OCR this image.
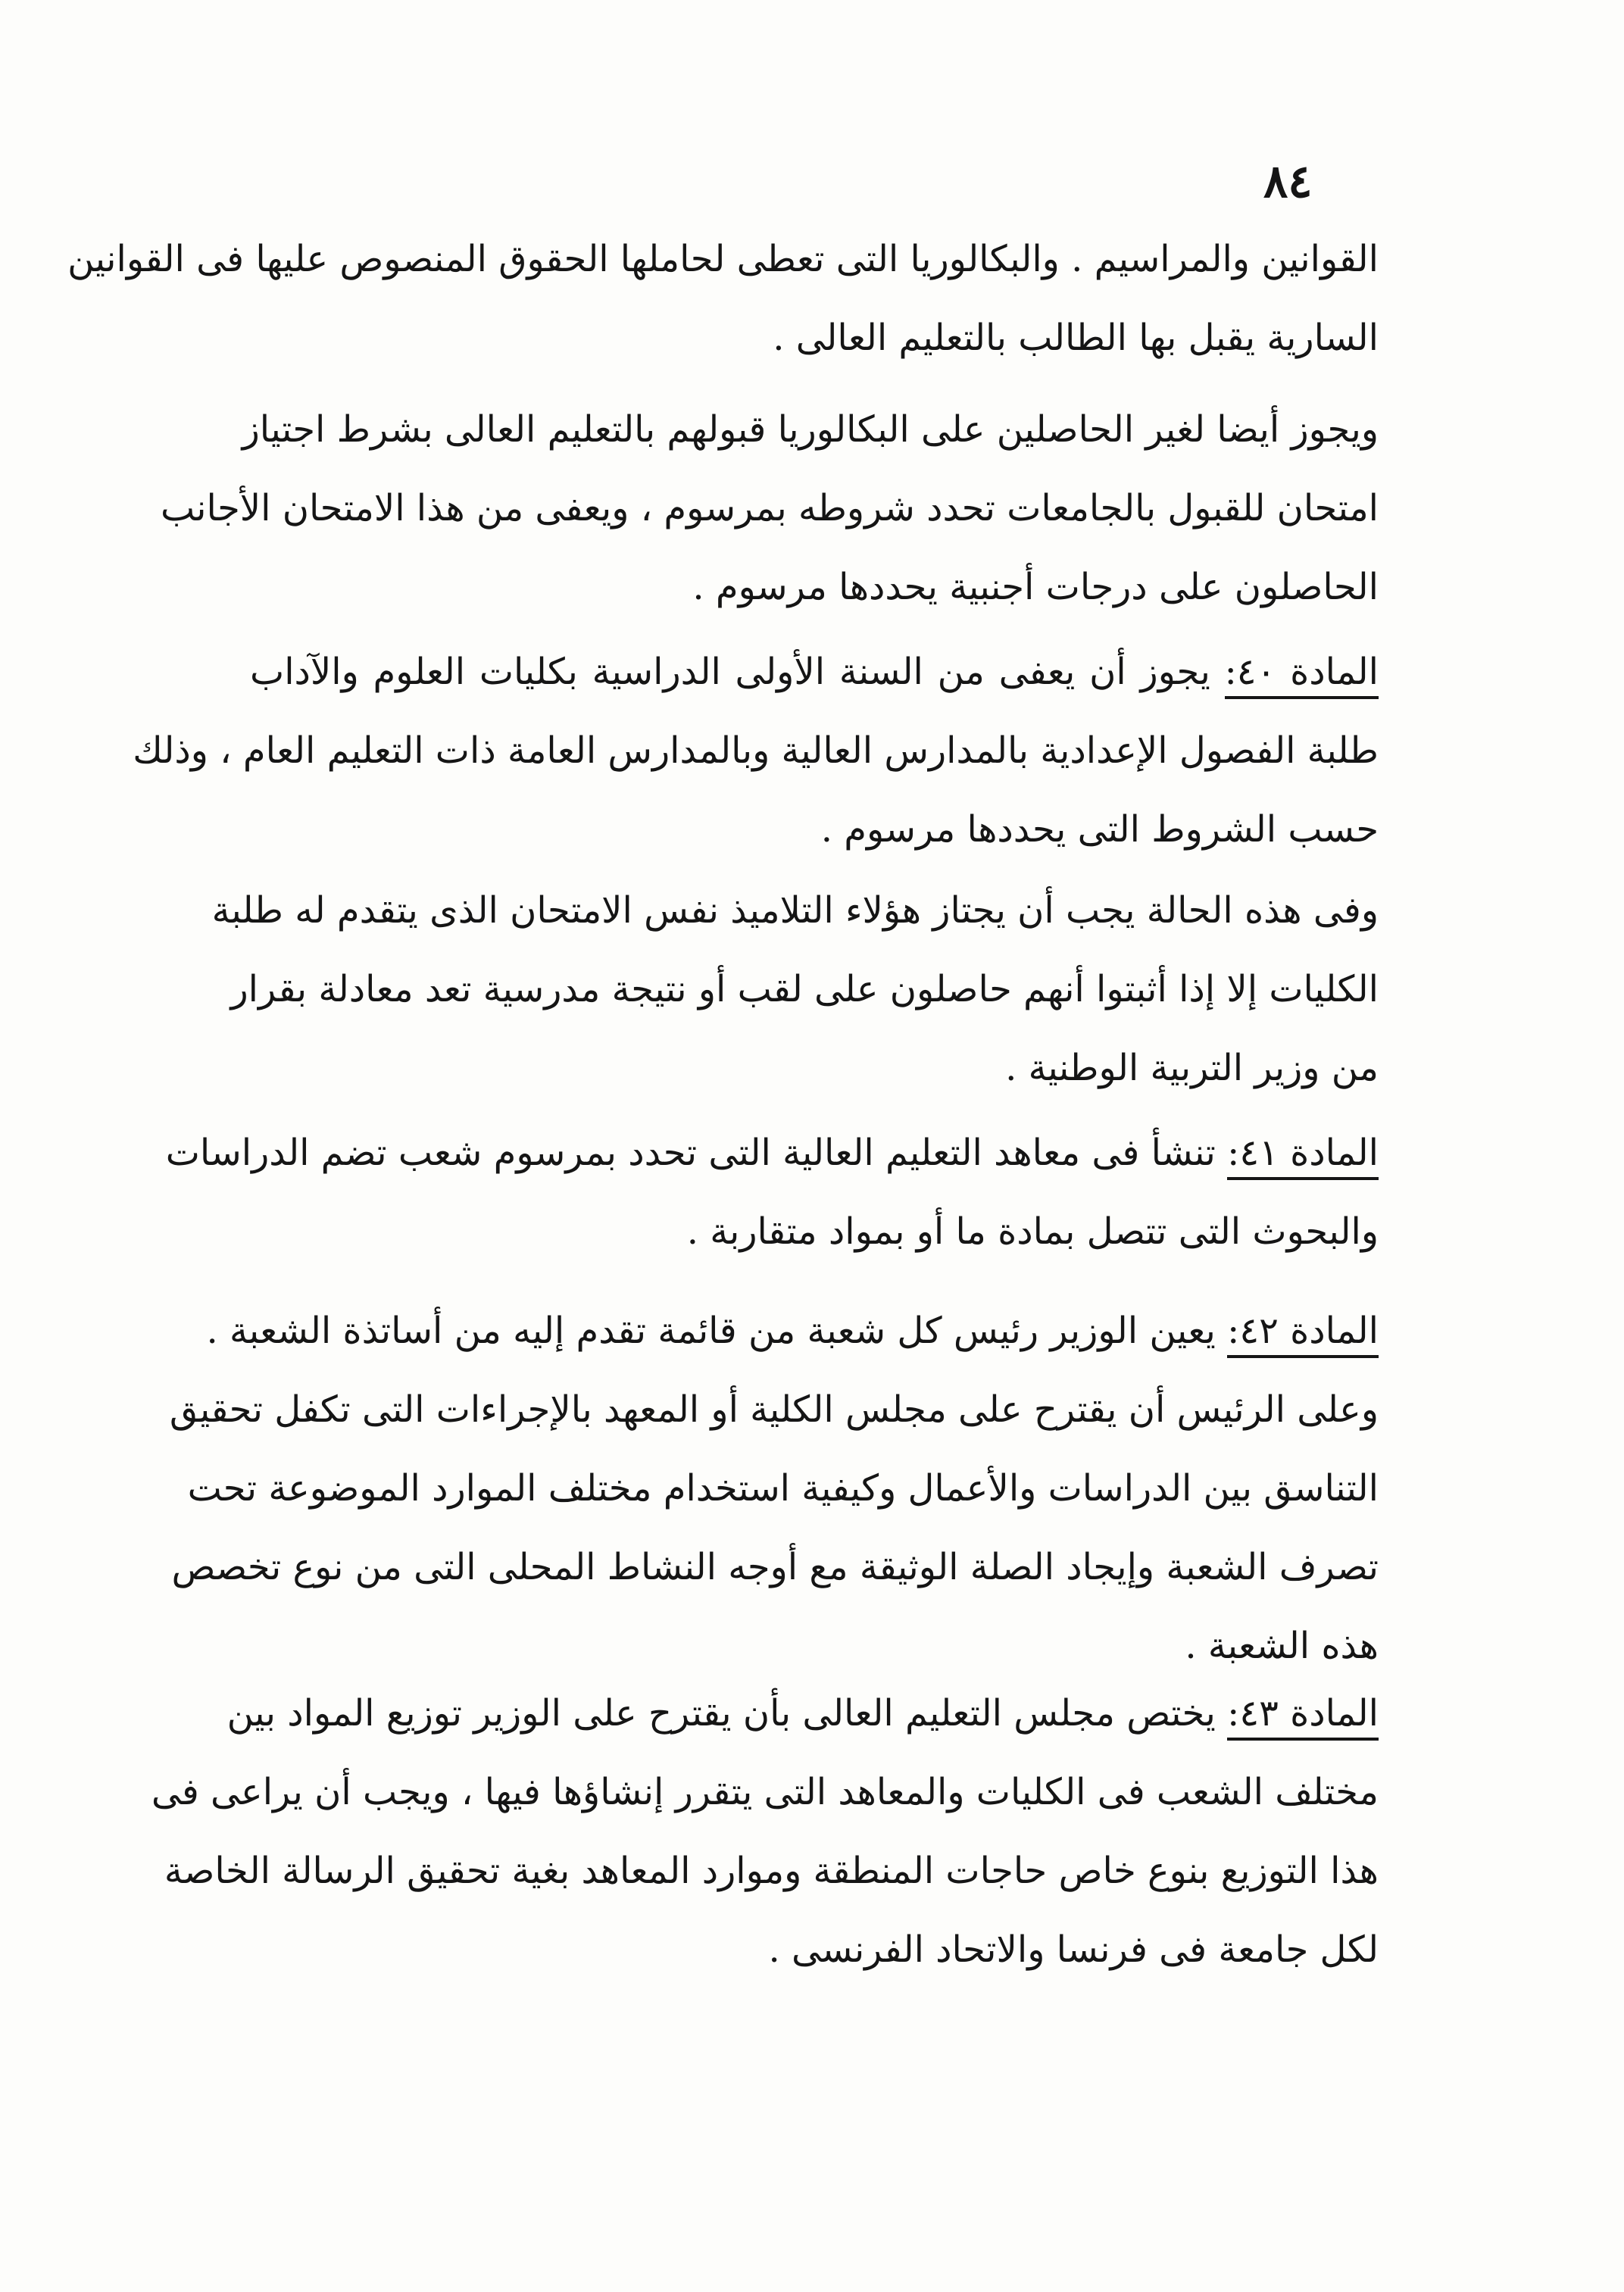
٨٤
القوانين والمراسيم . والبكالوريا التى تعطى لحاملها الحقوق المنصوص عليها فى القوانين
السارية يقبل بها الطالب بالتعليم العالى .
ويجوز أيضا لغير الحاصلين على البكالوريا قبولهم بالتعليم العالى بشرط اجتياز
امتحان للقبول بالجامعات تحدد شروطه بمرسوم ، ويعفى من هذا الامتحان الأجانب
الحاصلون على درجات أجنبية يحددها مرسوم .
المادة ٤٠: يجوز أن يعفى من السنة الأولى الدراسية بكليات العلوم والآداب
طلبة الفصول الإعدادية بالمدارس العالية وبالمدارس العامة ذات التعليم العام ، وذلك
حسب الشروط التى يحددها مرسوم .
وفى هذه الحالة يجب أن يجتاز هؤلاء التلاميذ نفس الامتحان الذى يتقدم له طلبة
الكليات إلا إذا أثبتوا أنهم حاصلون على لقب أو نتيجة مدرسية تعد معادلة بقرار
من وزير التربية الوطنية .
المادة ٤١: تنشأ فى معاهد التعليم العالية التى تحدد بمرسوم شعب تضم الدراسات
والبحوث التى تتصل بمادة ما أو بمواد متقاربة .
المادة ٤٢: يعين الوزير رئيس كل شعبة من قائمة تقدم إليه من أساتذة الشعبة .
وعلى الرئيس أن يقترح على مجلس الكلية أو المعهد بالإجراءات التى تكفل تحقيق
التناسق بين الدراسات والأعمال وكيفية استخدام مختلف الموارد الموضوعة تحت
تصرف الشعبة وإيجاد الصلة الوثيقة مع أوجه النشاط المحلى التى من نوع تخصص
هذه الشعبة .
المادة ٤٣: يختص مجلس التعليم العالى بأن يقترح على الوزير توزيع المواد بين
مختلف الشعب فى الكليات والمعاهد التى يتقرر إنشاؤها فيها ، ويجب أن يراعى فى
هذا التوزيع بنوع خاص حاجات المنطقة وموارد المعاهد بغية تحقيق الرسالة الخاصة
لكل جامعة فى فرنسا والاتحاد الفرنسى .
